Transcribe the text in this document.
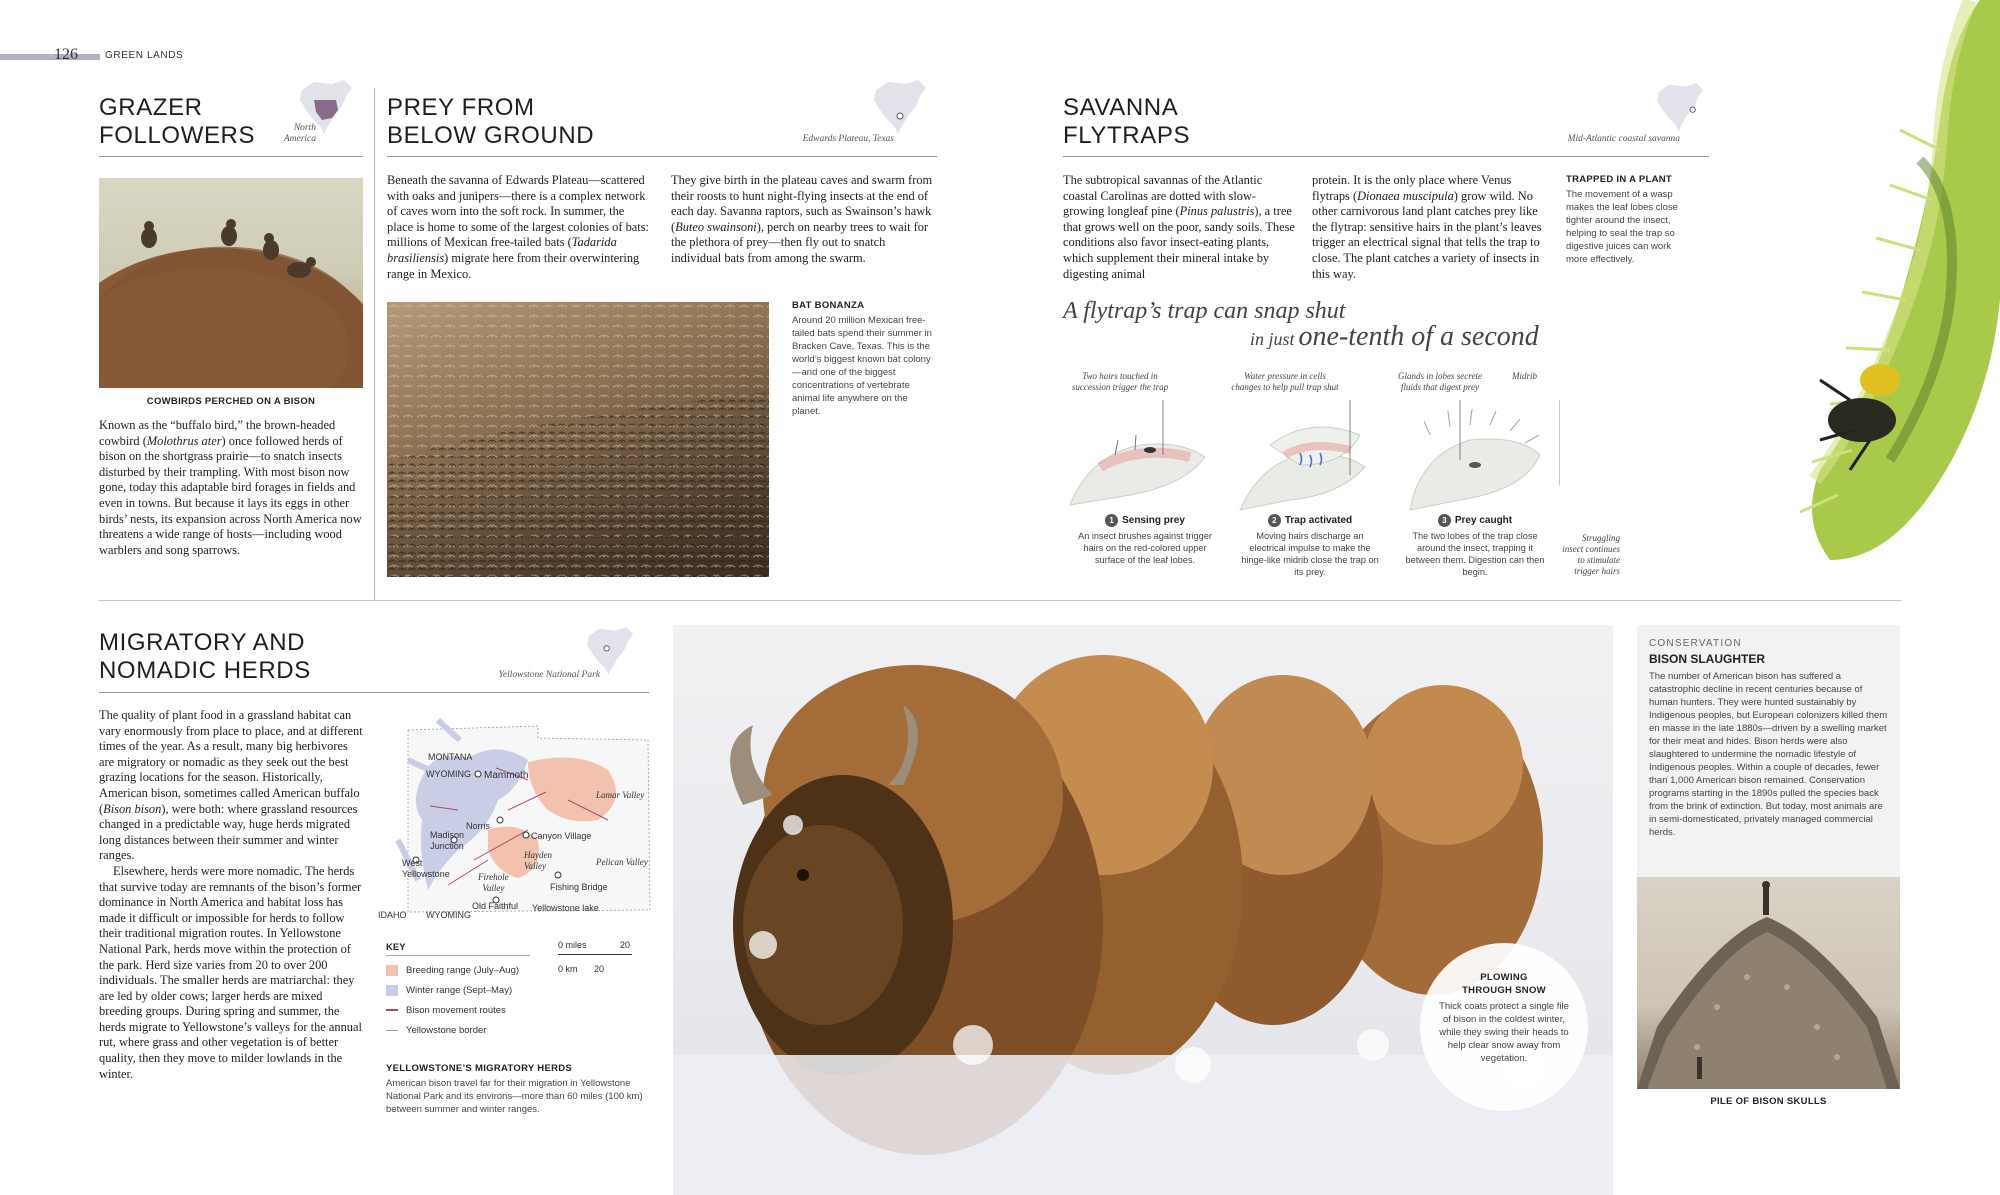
126	GREEN LANDS
GRAZER
FOLLOWERS	North
America
COWBIRDS PERCHED ON A BISON

Known as the “buffalo bird,” the brown-headed cowbird (Molothrus ater) once followed herds of bison on the shortgrass prairie—to snatch insects disturbed by their trampling. With most bison now gone, today this adaptable bird forages in fields and even in towns. But because it lays its eggs in other birds’ nests, its expansion across North America now threatens a wide range of hosts—including wood warblers and song sparrows.

PREY FROM
BELOW GROUND	Edwards Plateau, Texas

Beneath the savanna of Edwards Plateau—scattered with oaks and junipers—there is a complex network of caves worn into the soft rock. In summer, the place is home to some of the largest colonies of bats: millions of Mexican free-tailed bats (Tadarida brasiliensis) migrate here from their overwintering range in Mexico.

They give birth in the plateau caves and swarm from their roosts to hunt night-flying insects at the end of each day. Savanna raptors, such as Swainson’s hawk (Buteo swainsoni), perch on nearby trees to wait for the plethora of prey—then fly out to snatch individual bats from among the swarm.

BAT BONANZA
Around 20 million Mexican free-tailed bats spend their summer in Bracken Cave, Texas. This is the world’s biggest known bat colony—and one of the biggest concentrations of vertebrate animal life anywhere on the planet.
SAVANNA
FLYTRAPS	Mid-Atlantic coastal savanna

The subtropical savannas of the Atlantic coastal Carolinas are dotted with slow-growing longleaf pine (Pinus palustris), a tree that grows well on the poor, sandy soils. These conditions also favor insect-eating plants, which supplement their mineral intake by digesting animal

protein. It is the only place where Venus flytraps (Dionaea muscipula) grow wild. No other carnivorous land plant catches prey like the flytrap: sensitive hairs in the plant’s leaves trigger an electrical signal that tells the trap to close. The plant catches a variety of insects in this way.

TRAPPED IN A PLANT
The movement of a wasp makes the leaf lobes close tighter around the insect, helping to seal the trap so digestive juices can work more effectively.
A flytrap’s trap can snap shut
in just one-tenth of a second
Two hairs touched in
succession trigger the trap
Water pressure in cells
changes to help pull trap shut
Glands in lobes secrete
fluids that digest prey
Midrib
1 Sensing prey
An insect brushes against trigger hairs on the red-colored upper surface of the leaf lobes.
2 Trap activated
Moving hairs discharge an electrical impulse to make the hinge-like midrib close the trap on its prey.
3 Prey caught
The two lobes of the trap close around the insect, trapping it between them. Digestion can then begin.
Struggling
insect continues
to stimulate
trigger hairs
MIGRATORY AND
NOMADIC HERDS	Yellowstone National Park

The quality of plant food in a grassland habitat can vary enormously from place to place, and at different times of the year. As a result, many big herbivores are migratory or nomadic as they seek out the best grazing locations for the season. Historically, American bison, sometimes called American buffalo (Bison bison), were both: where grassland resources changed in a predictable way, huge herds migrated long distances between their summer and winter ranges.
Elsewhere, herds were more nomadic. The herds that survive today are remnants of the bison’s former dominance in North America and habitat loss has made it difficult or impossible for herds to follow their traditional migration routes. In Yellowstone National Park, herds move within the protection of the park. Herd size varies from 20 to over 200 individuals. The smaller herds are matriarchal: they are led by older cows; larger herds are mixed breeding groups. During spring and summer, the herds migrate to Yellowstone’s valleys for the annual rut, where grass and other vegetation is of better quality, then they move to milder lowlands in the winter.

MONTANA
WYOMING Mammoth
Lamar Valley
Norris
Madison
Junction
Canyon Village
Hayden
Valley	Pelican Valley
West
Yellowstone	Firehole
Valley	Fishing Bridge
Old Faithful Yellowstone lake
IDAHO WYOMING
KEY
Breeding range (July–Aug)
Winter range (Sept–May)
Bison movement routes
Yellowstone border
0 miles	20
0 km 20
YELLOWSTONE’S MIGRATORY HERDS
American bison travel far for their migration in Yellowstone National Park and its environs—more than 60 miles (100 km) between summer and winter ranges.
PLOWING
THROUGH SNOW
Thick coats protect a single file of bison in the coldest winter, while they swing their heads to help clear snow away from vegetation.
CONSERVATION
BISON SLAUGHTER
The number of American bison has suffered a catastrophic decline in recent centuries because of human hunters. They were hunted sustainably by Indigenous peoples, but European colonizers killed them en masse in the late 1880s—driven by a swelling market for their meat and hides. Bison herds were also slaughtered to undermine the nomadic lifestyle of Indigenous peoples. Within a couple of decades, fewer than 1,000 American bison remained. Conservation programs starting in the 1890s pulled the species back from the brink of extinction. But today, most animals are in semi-domesticated, privately managed commercial herds.
PILE OF BISON SKULLS
